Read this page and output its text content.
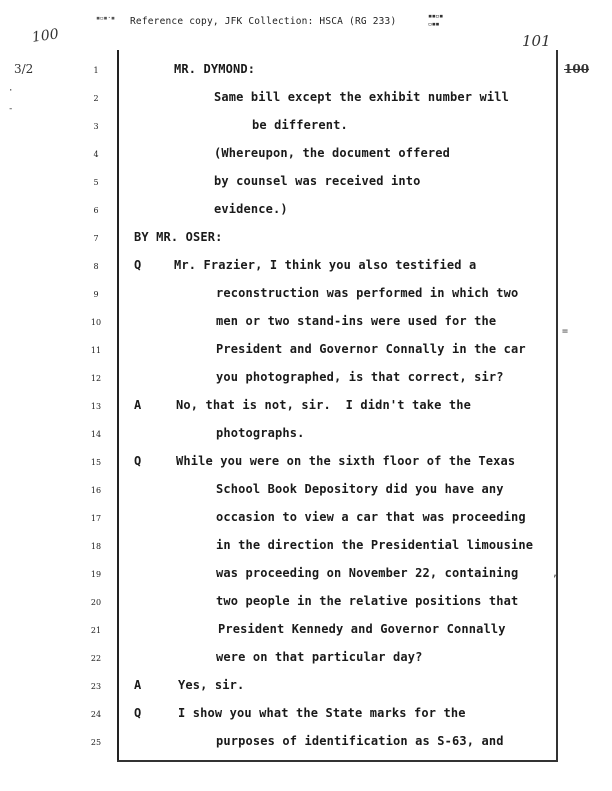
Reference copy, JFK Collection: HSCA (RG 233)
▪▫▪·▪	▪▪▫▪
▫▪▪
100
3/2
101
100
·
-
=
,
1	MR. DYMOND:
2	Same bill except the exhibit number will
3	be different.
4	(Whereupon, the document offered
5	by counsel was received into
6	evidence.)
7	BY MR. OSER:
8	Q	Mr. Frazier, I think you also testified a
9	reconstruction was performed in which two
10	men or two stand-ins were used for the
11	President and Governor Connally in the car
12	you photographed, is that correct, sir?
13	A	No, that is not, sir.  I didn't take the
14	photographs.
15	Q	While you were on the sixth floor of the Texas
16	School Book Depository did you have any
17	occasion to view a car that was proceeding
18	in the direction the Presidential limousine
19	was proceeding on November 22, containing
20	two people in the relative positions that
21	President Kennedy and Governor Connally
22	were on that particular day?
23	A	Yes, sir.
24	Q	I show you what the State marks for the
25	purposes of identification as S-63, and
